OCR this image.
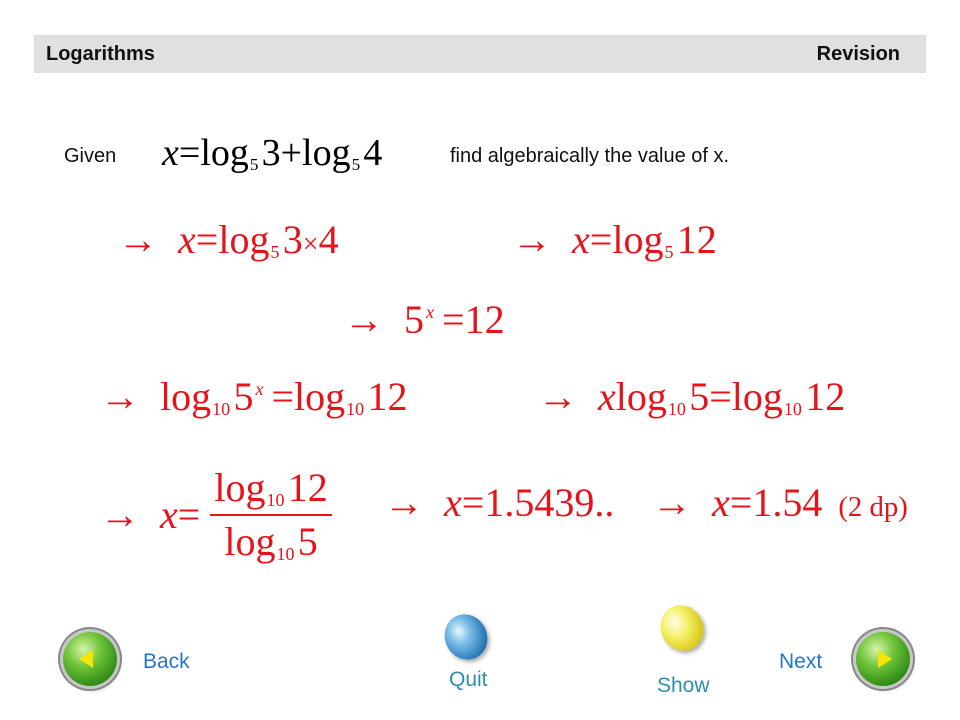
Logarithms	Revision
Given x=log5 3+log5 4	find algebraically the value of x.
→ x=log5 3×4	→ x=log5 12
→ 5 $^x$  =12
→ log10 5 $^x$  =log10 12	→ xlog10 5=log10 12
→ $x= \frac{\log 10 12}{\log 10 5} \to x=1.5439$.. → x=1.54 (2 dp)
Back
Quit	Show
Next
